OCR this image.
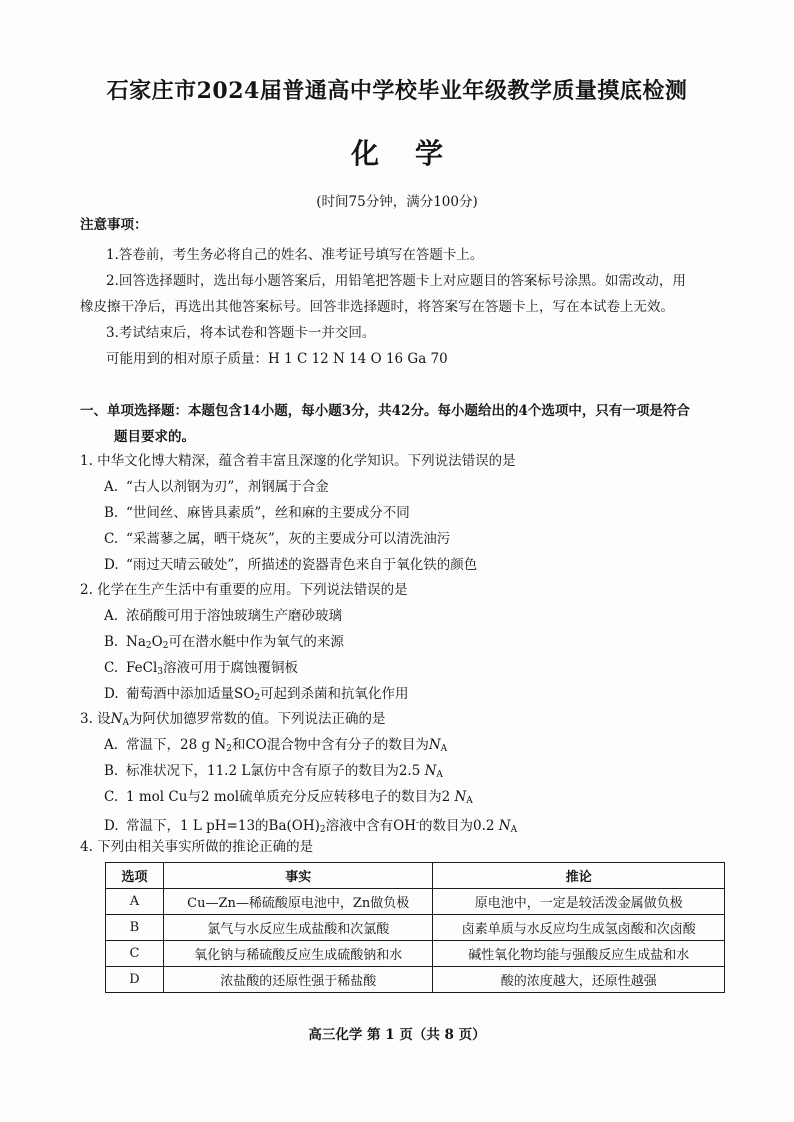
石家庄市2024届普通高中学校毕业年级教学质量摸底检测
化学
(时间75分钟，满分100分)
注意事项：
1.答卷前，考生务必将自己的姓名、准考证号填写在答题卡上。
2.回答选择题时，选出每小题答案后，用铅笔把答题卡上对应题目的答案标号涂黑。如需改动，用
橡皮擦干净后，再选出其他答案标号。回答非选择题时，将答案写在答题卡上，写在本试卷上无效。
3.考试结束后，将本试卷和答题卡一并交回。
可能用到的相对原子质量：H 1 C 12 N 14 O 16 Ga 70
一、单项选择题：本题包含14小题，每小题3分，共42分。每小题给出的4个选项中，只有一项是符合
题目要求的。
1. 中华文化博大精深，蕴含着丰富且深邃的化学知识。下列说法错误的是
A. “古人以剂钢为刃”，剂钢属于合金
B. “世间丝、麻皆具素质”，丝和麻的主要成分不同
C. “采蒿蓼之属，晒干烧灰”，灰的主要成分可以清洗油污
D. “雨过天晴云破处”，所描述的瓷器青色来自于氧化铁的颜色
2. 化学在生产生活中有重要的应用。下列说法错误的是
A. 浓硝酸可用于溶蚀玻璃生产磨砂玻璃
B. $Na_2O_2$可在潜水艇中作为氧气的来源
C. FeCl$_3$溶液可用于腐蚀覆铜板
D. 葡萄酒中添加适量$SO_2$可起到杀菌和抗氧化作用
3. 设$N_A$为阿伏加德罗常数的值。下列说法正确的是
A. 常温下，28 g $N_2$和CO混合物中含有分子的数目为$N_A$
B. 标准状况下，11.2 L氯仿中含有原子的数目为2.5 $N_A$
C. 1 mol Cu与2 mol硫单质充分反应转移电子的数目为2 $N_A$
D. 常温下，1 L pH=13的$Ba(OH)_2$溶液中含有OH-的数目为0.2 $N_A$
4. 下列由相关事实所做的推论正确的是
选项	事实	推论
A	Cu—Zn—稀硫酸原电池中，Zn做负极	原电池中，一定是较活泼金属做负极
B	氯气与水反应生成盐酸和次氯酸	卤素单质与水反应均生成氢卤酸和次卤酸
C	氧化钠与稀硫酸反应生成硫酸钠和水	碱性氧化物均能与强酸反应生成盐和水
D	浓盐酸的还原性强于稀盐酸	酸的浓度越大，还原性越强
高三化学 第 1 页（共 8 页）
